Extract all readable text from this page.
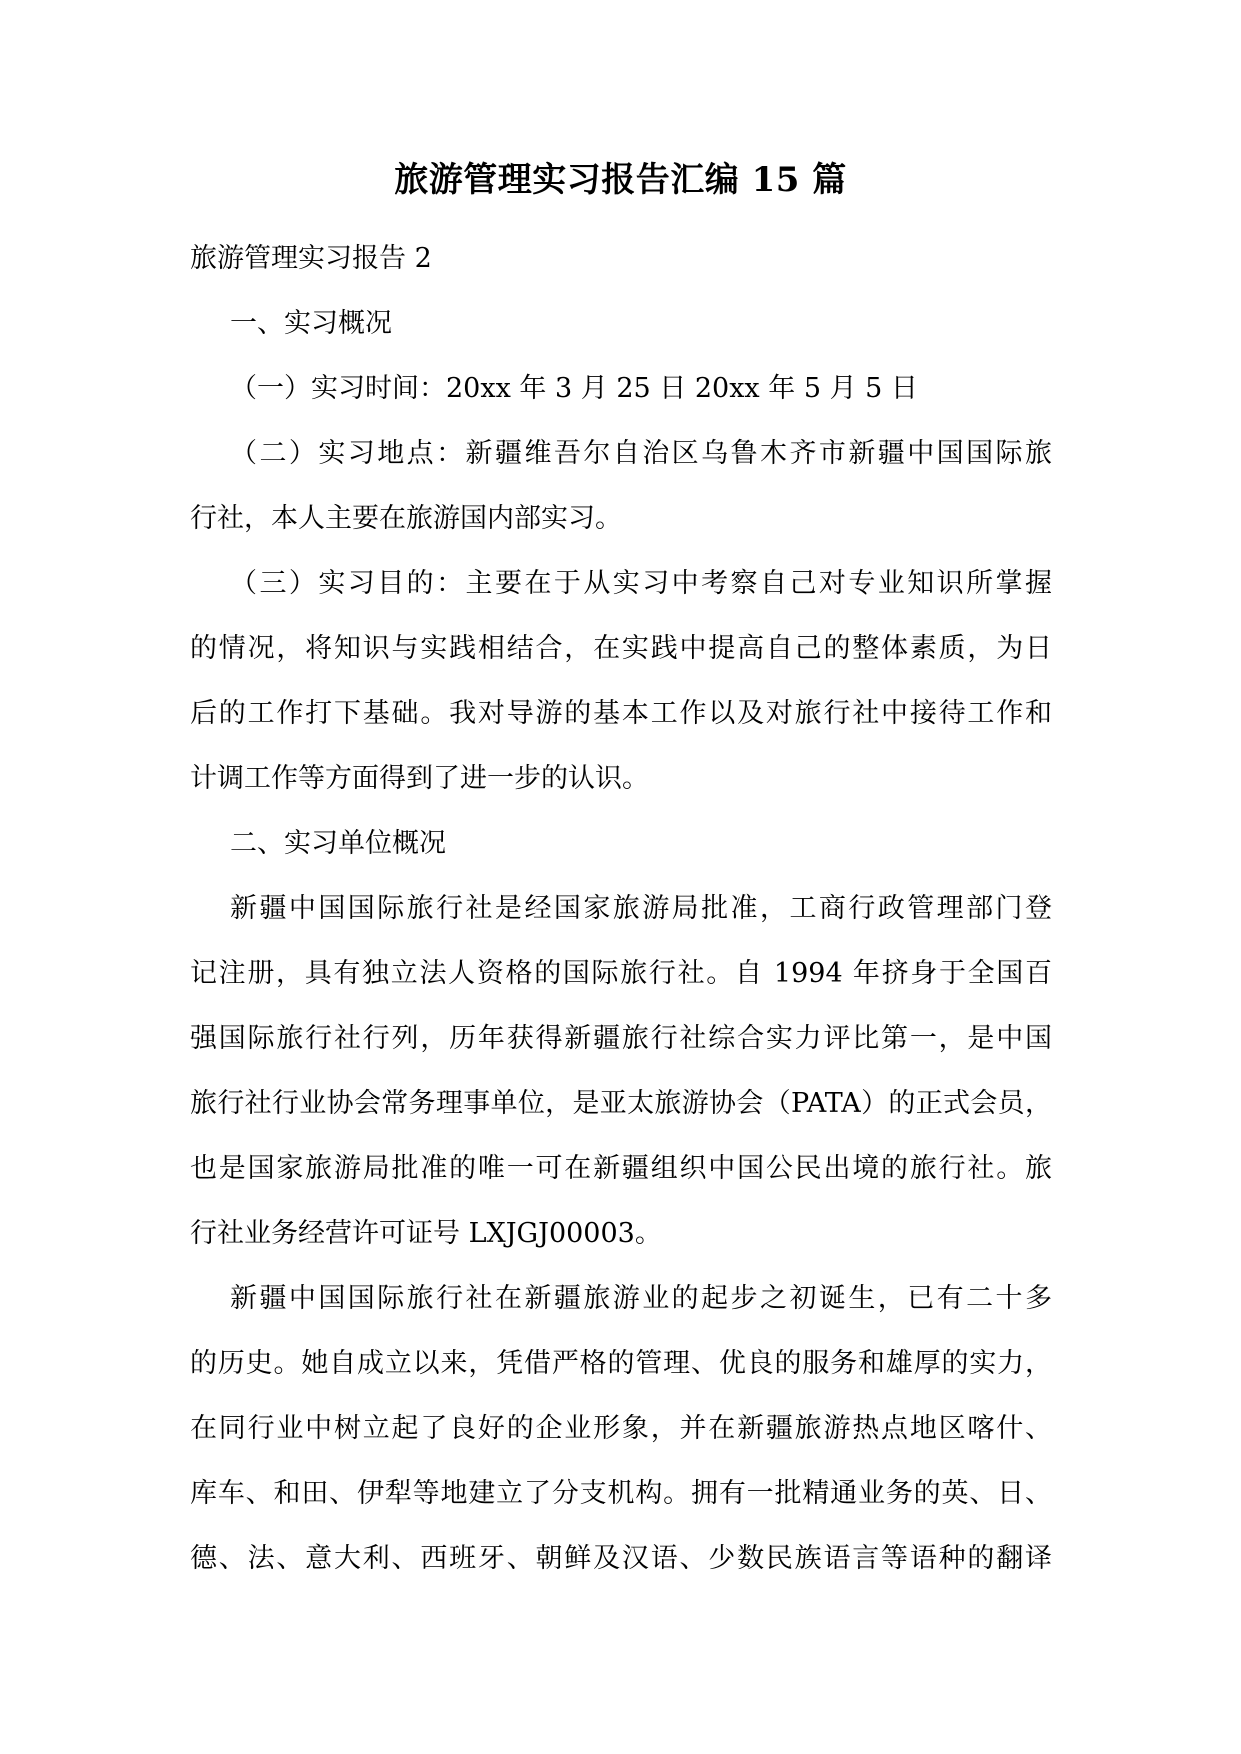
旅游管理实习报告汇编 15 篇
旅游管理实习报告 2
一、实习概况
（一）实习时间：20xx 年 3 月 25 日 20xx 年 5 月 5 日
（二）实习地点：新疆维吾尔自治区乌鲁木齐市新疆中国国际旅
行社，本人主要在旅游国内部实习。
（三）实习目的：主要在于从实习中考察自己对专业知识所掌握
的情况，将知识与实践相结合，在实践中提高自己的整体素质，为日
后的工作打下基础。我对导游的基本工作以及对旅行社中接待工作和
计调工作等方面得到了进一步的认识。
二、实习单位概况
新疆中国国际旅行社是经国家旅游局批准，工商行政管理部门登
记注册，具有独立法人资格的国际旅行社。自 1994 年挤身于全国百
强国际旅行社行列，历年获得新疆旅行社综合实力评比第一，是中国
旅行社行业协会常务理事单位，是亚太旅游协会（PATA）的正式会员，
也是国家旅游局批准的唯一可在新疆组织中国公民出境的旅行社。旅
行社业务经营许可证号 LXJGJ00003。
新疆中国国际旅行社在新疆旅游业的起步之初诞生，已有二十多
的历史。她自成立以来，凭借严格的管理、优良的服务和雄厚的实力，
在同行业中树立起了良好的企业形象，并在新疆旅游热点地区喀什、
库车、和田、伊犁等地建立了分支机构。拥有一批精通业务的英、日、
德、法、意大利、西班牙、朝鲜及汉语、少数民族语言等语种的翻译
